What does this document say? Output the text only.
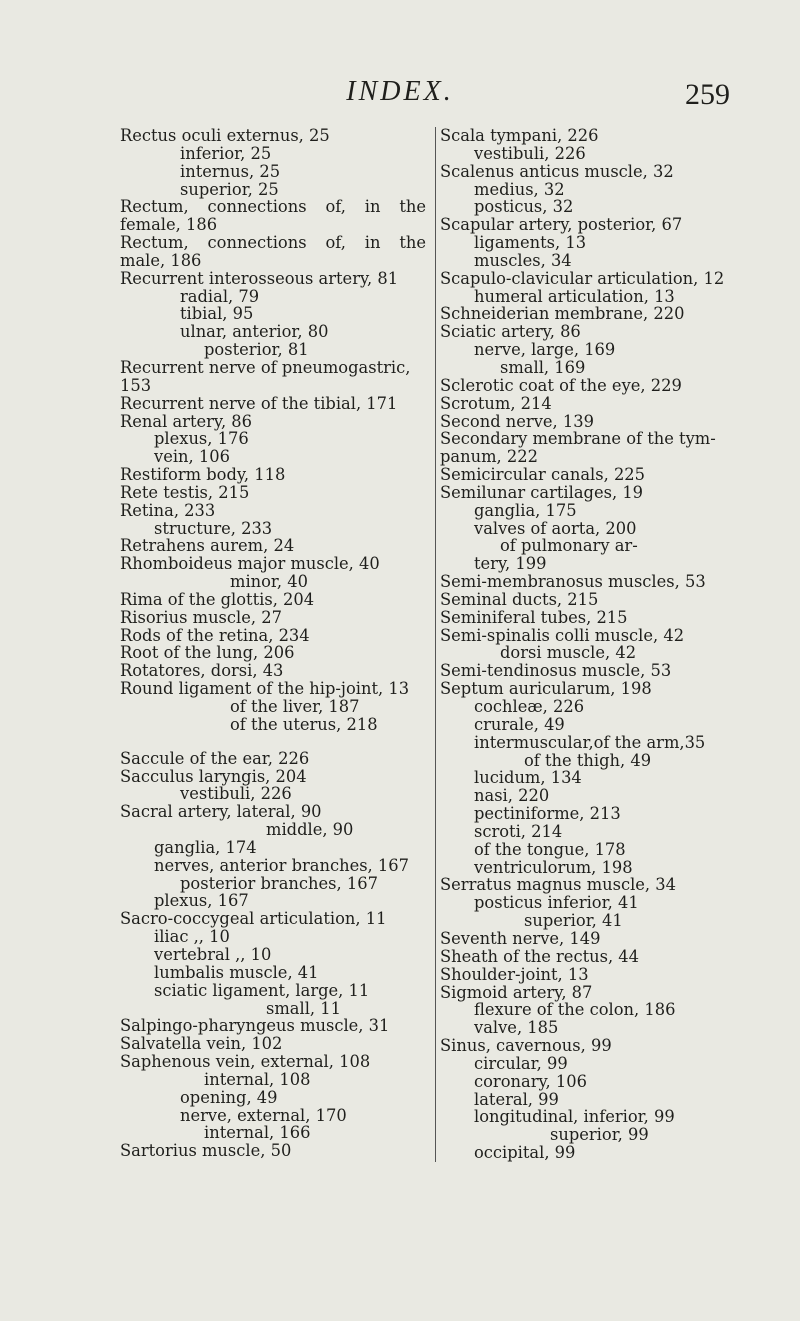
INDEX.	259
Rectus oculi externus, 25
inferior, 25
internus, 25
superior, 25
Rectum, connections of, in the
female, 186
Rectum, connections of, in the
male, 186
Recurrent interosseous artery, 81
radial, 79
tibial, 95
ulnar, anterior, 80
posterior, 81
Recurrent nerve of pneumogastric,
153
Recurrent nerve of the tibial, 171
Renal artery, 86
plexus, 176
vein, 106
Restiform body, 118
Rete testis, 215
Retina, 233
structure, 233
Retrahens aurem, 24
Rhomboideus major muscle, 40
minor, 40
Rima of the glottis, 204
Risorius muscle, 27
Rods of the retina, 234
Root of the lung, 206
Rotatores, dorsi, 43
Round ligament of the hip-joint, 13
of the liver, 187
of the uterus, 218
Saccule of the ear, 226
Sacculus laryngis, 204
vestibuli, 226
Sacral artery, lateral, 90
middle, 90
ganglia, 174
nerves, anterior branches, 167
posterior branches, 167
plexus, 167
Sacro-coccygeal articulation, 11
iliac ,, 10
vertebral ,, 10
lumbalis muscle, 41
sciatic ligament, large, 11
small, 11
Salpingo-pharyngeus muscle, 31
Salvatella vein, 102
Saphenous vein, external, 108
internal, 108
opening, 49
nerve, external, 170
internal, 166
Sartorius muscle, 50
Scala tympani, 226
vestibuli, 226
Scalenus anticus muscle, 32
medius, 32
posticus, 32
Scapular artery, posterior, 67
ligaments, 13
muscles, 34
Scapulo-clavicular articulation, 12
humeral articulation, 13
Schneiderian membrane, 220
Sciatic artery, 86
nerve, large, 169
small, 169
Sclerotic coat of the eye, 229
Scrotum, 214
Second nerve, 139
Secondary membrane of the tym-
panum, 222
Semicircular canals, 225
Semilunar cartilages, 19
ganglia, 175
valves of aorta, 200
of pulmonary ar-
tery, 199
Semi-membranosus muscles, 53
Seminal ducts, 215
Seminiferal tubes, 215
Semi-spinalis colli muscle, 42
dorsi muscle, 42
Semi-tendinosus muscle, 53
Septum auricularum, 198
cochleæ, 226
crurale, 49
intermuscular,of the arm,35
of the thigh, 49
lucidum, 134
nasi, 220
pectiniforme, 213
scroti, 214
of the tongue, 178
ventriculorum, 198
Serratus magnus muscle, 34
posticus inferior, 41
superior, 41
Seventh nerve, 149
Sheath of the rectus, 44
Shoulder-joint, 13
Sigmoid artery, 87
flexure of the colon, 186
valve, 185
Sinus, cavernous, 99
circular, 99
coronary, 106
lateral, 99
longitudinal, inferior, 99
superior, 99
occipital, 99
